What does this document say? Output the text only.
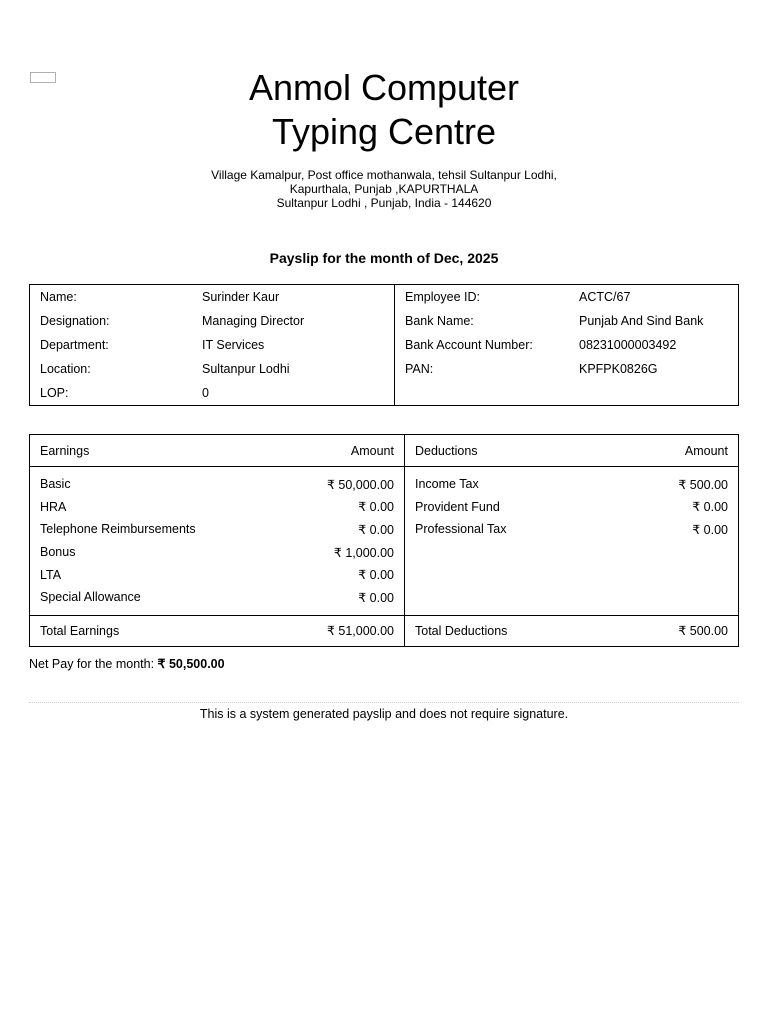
Anmol Computer
Typing Centre
Village Kamalpur, Post office mothanwala, tehsil Sultanpur Lodhi,
Kapurthala, Punjab ,KAPURTHALA
Sultanpur Lodhi , Punjab, India - 144620
Payslip for the month of Dec, 2025
Name:	Surinder Kaur	Employee ID:	ACTC/67
Designation:	Managing Director	Bank Name:	Punjab And Sind Bank
Department:	IT Services	Bank Account Number:	08231000003492
Location:	Sultanpur Lodhi	PAN:	KPFPK0826G
LOP:	0		
Earnings	Amount	Deductions	Amount
Basic	₹ 50,000.00	Income Tax	₹ 500.00
HRA	₹ 0.00	Provident Fund	₹ 0.00
Telephone Reimbursements	₹ 0.00	Professional Tax	₹ 0.00
Bonus	₹ 1,000.00		
LTA	₹ 0.00		
Special Allowance	₹ 0.00		
Total Earnings	₹ 51,000.00	Total Deductions	₹ 500.00
Net Pay for the month: ₹ 50,500.00
This is a system generated payslip and does not require signature.
